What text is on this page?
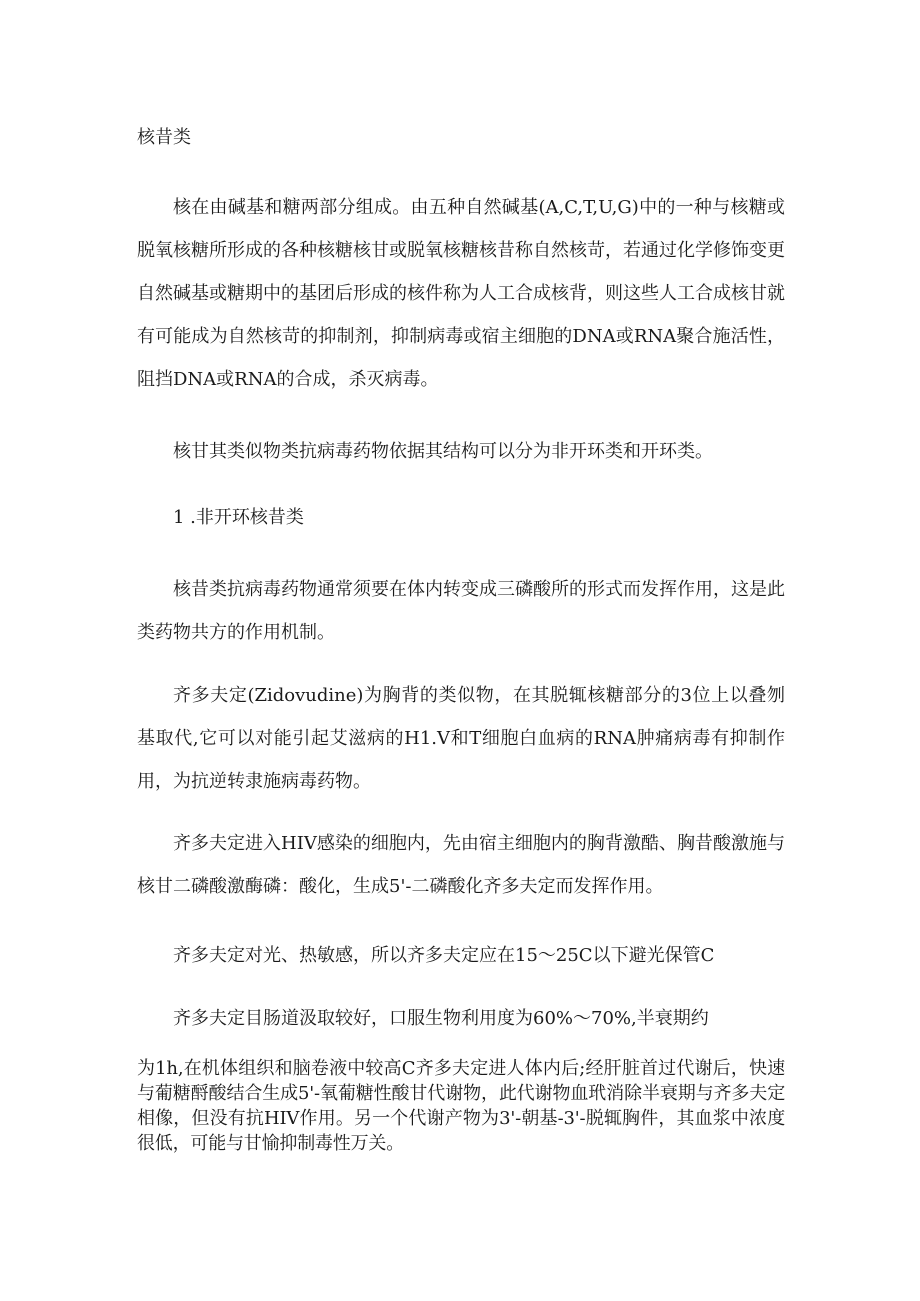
核昔类

核在由碱基和糖两部分组成。由五种自然碱基(A,C,T,U,G)中的一种与核糖或脱氧核糖所形成的各种核糖核甘或脱氧核糖核昔称自然核苛，若通过化学修饰变更自然碱基或糖期中的基团后形成的核件称为人工合成核背，则这些人工合成核甘就有可能成为自然核苛的抑制剂，抑制病毒或宿主细胞的DNA或RNA聚合施活性，阻挡DNA或RNA的合成，杀灭病毒。

核甘其类似物类抗病毒药物依据其结构可以分为非开环类和开环类。

1 .非开环核昔类

核昔类抗病毒药物通常须要在体内转变成三磷酸所的形式而发挥作用，这是此类药物共方的作用机制。

齐多夫定(Zidovudine)为胸背的类似物，在其脱辄核糖部分的3位上以叠刎基取代,它可以对能引起艾滋病的H1.V和T细胞白血病的RNA肿痛病毒有抑制作用，为抗逆转隶施病毒药物。

齐多夫定进入HIV感染的细胞内，先由宿主细胞内的胸背激酷、胸昔酸激施与核甘二磷酸激酶磷：酸化，生成5'-二磷酸化齐多夫定而发挥作用。

齐多夫定对光、热敏感，所以齐多夫定应在15～25C以下避光保管C

齐多夫定目肠道汲取较好，口服生物利用度为60%～70%,半衰期约

为1h,在机体组织和脑卷液中较高C齐多夫定进人体内后;经肝脏首过代谢后，快速与葡糖酹酸结合生成5'-氧葡糖性酸甘代谢物，此代谢物血玳消除半衰期与齐多夫定相像，但没有抗HIV作用。另一个代谢产物为3'-朝基-3'-脱辄胸件，其血浆中浓度很低，可能与甘愉抑制毒性万关。
